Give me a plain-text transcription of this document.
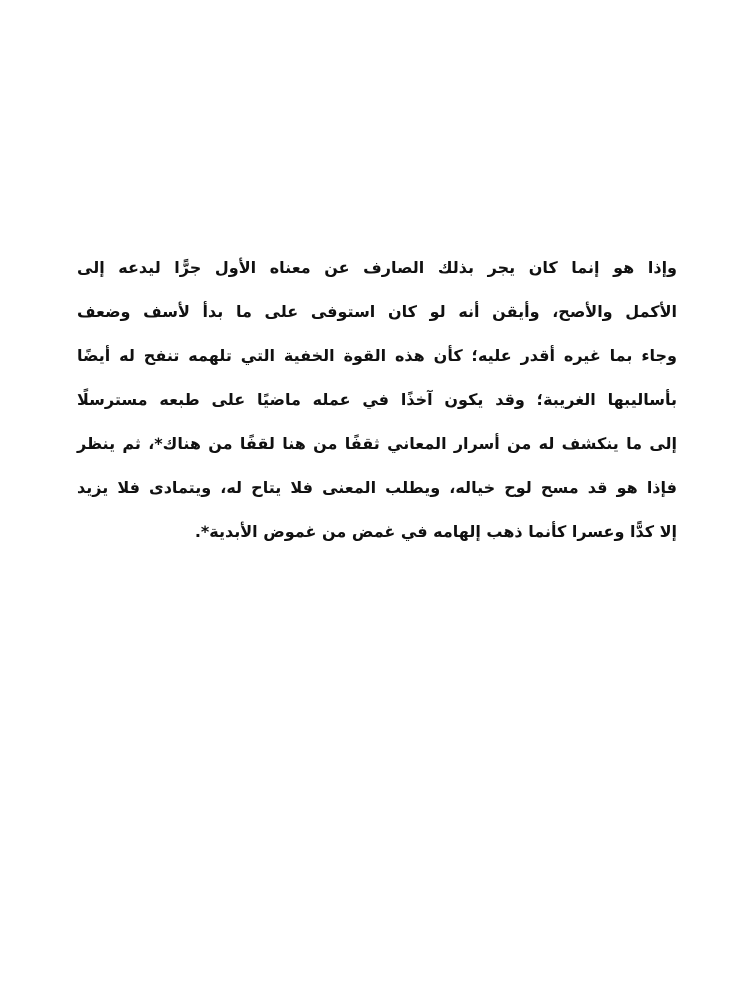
وإذا هو إنما كان يجر بذلك الصارف عن معناه الأول جرًّا ليدعه إلى
الأكمل والأصح، وأيقن أنه لو كان استوفى على ما بدأ لأسف وضعف
وجاء بما غيره أقدر عليه؛ كأن هذه القوة الخفية التي تلهمه تنفح له أيضًا
بأساليبها الغريبة؛ وقد يكون آخذًا في عمله ماضيًا على طبعه مسترسلًا
إلى ما ينكشف له من أسرار المعاني ثقفًا من هنا لقفًا من هناك*، ثم ينظر
فإذا هو قد مسح لوح خياله، ويطلب المعنى فلا يتاح له، ويتمادى فلا يزيد
إلا كدًّا وعسرا كأنما ذهب إلهامه في غمض من غموض الأبدية*.
